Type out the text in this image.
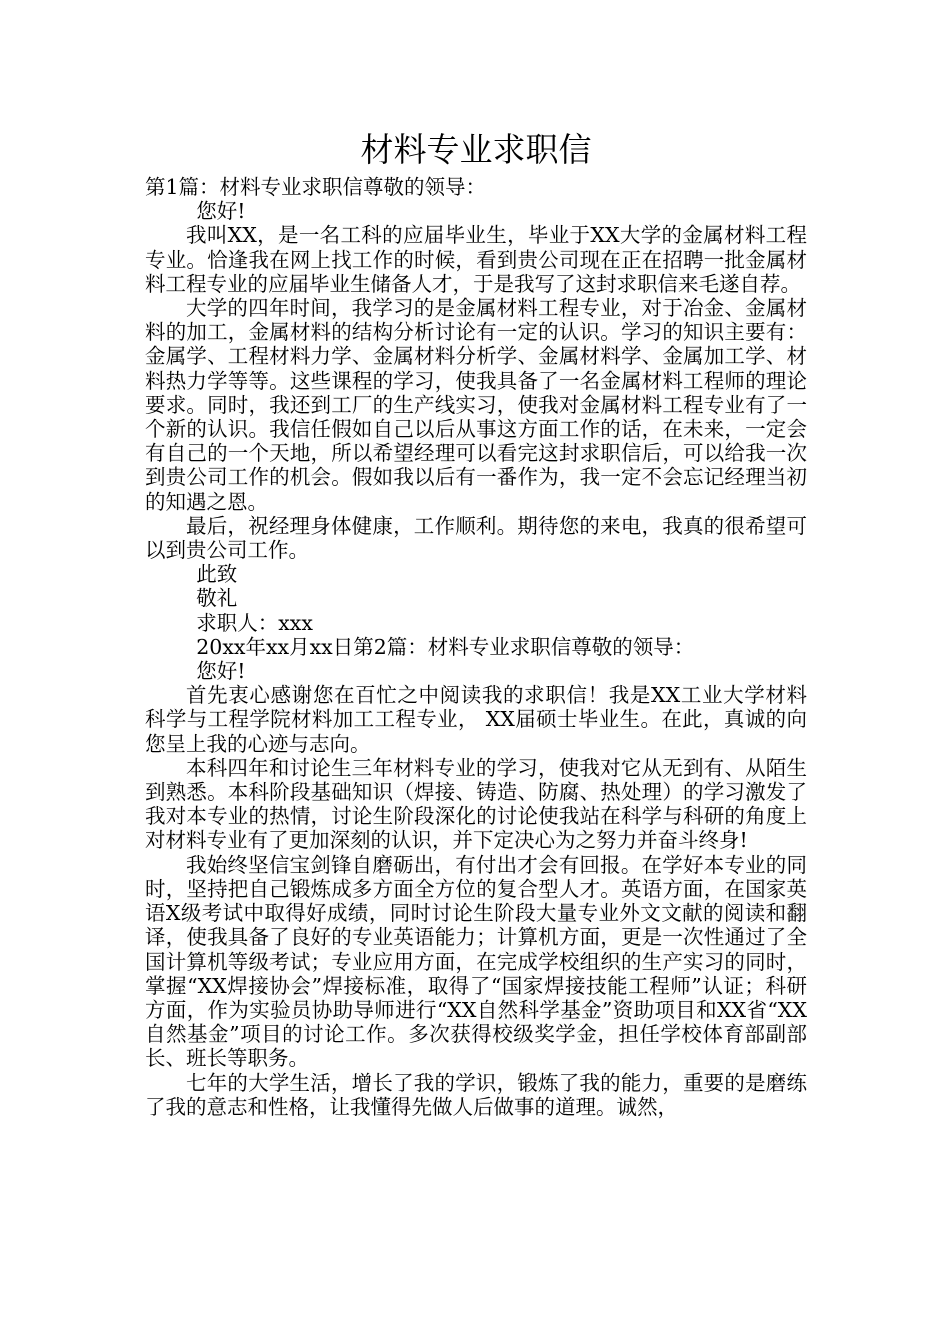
材料专业求职信

第1篇：材料专业求职信尊敬的领导：

您好!

我叫XX，是一名工科的应届毕业生，毕业于XX大学的金属材料工程专业。恰逢我在网上找工作的时候，看到贵公司现在正在招聘一批金属材料工程专业的应届毕业生储备人才，于是我写了这封求职信来毛遂自荐。

大学的四年时间，我学习的是金属材料工程专业，对于冶金、金属材料的加工，金属材料的结构分析讨论有一定的认识。学习的知识主要有：金属学、工程材料力学、金属材料分析学、金属材料学、金属加工学、材料热力学等等。这些课程的学习，使我具备了一名金属材料工程师的理论要求。同时，我还到工厂的生产线实习，使我对金属材料工程专业有了一个新的认识。我信任假如自己以后从事这方面工作的话，在未来，一定会有自己的一个天地，所以希望经理可以看完这封求职信后，可以给我一次到贵公司工作的机会。假如我以后有一番作为，我一定不会忘记经理当初的知遇之恩。

最后，祝经理身体健康，工作顺利。期待您的来电，我真的很希望可以到贵公司工作。

此致

敬礼

求职人：xxx

20xx年xx月xx日第2篇：材料专业求职信尊敬的领导：

您好!

首先衷心感谢您在百忙之中阅读我的求职信！我是XX工业大学材料科学与工程学院材料加工工程专业， XX届硕士毕业生。在此，真诚的向您呈上我的心迹与志向。

本科四年和讨论生三年材料专业的学习，使我对它从无到有、从陌生到熟悉。本科阶段基础知识（焊接、铸造、防腐、热处理）的学习激发了我对本专业的热情，讨论生阶段深化的讨论使我站在科学与科研的角度上对材料专业有了更加深刻的认识，并下定决心为之努力并奋斗终身!

我始终坚信宝剑锋自磨砺出，有付出才会有回报。在学好本专业的同时，坚持把自己锻炼成多方面全方位的复合型人才。英语方面，在国家英语X级考试中取得好成绩，同时讨论生阶段大量专业外文文献的阅读和翻译，使我具备了良好的专业英语能力；计算机方面，更是一次性通过了全国计算机等级考试；专业应用方面，在完成学校组织的生产实习的同时，掌握“XX焊接协会”焊接标准，取得了“国家焊接技能工程师”认证；科研方面，作为实验员协助导师进行“XX自然科学基金”资助项目和XX省“XX自然基金”项目的讨论工作。多次获得校级奖学金，担任学校体育部副部长、班长等职务。

七年的大学生活，增长了我的学识，锻炼了我的能力，重要的是磨练了我的意志和性格，让我懂得先做人后做事的道理。诚然，
